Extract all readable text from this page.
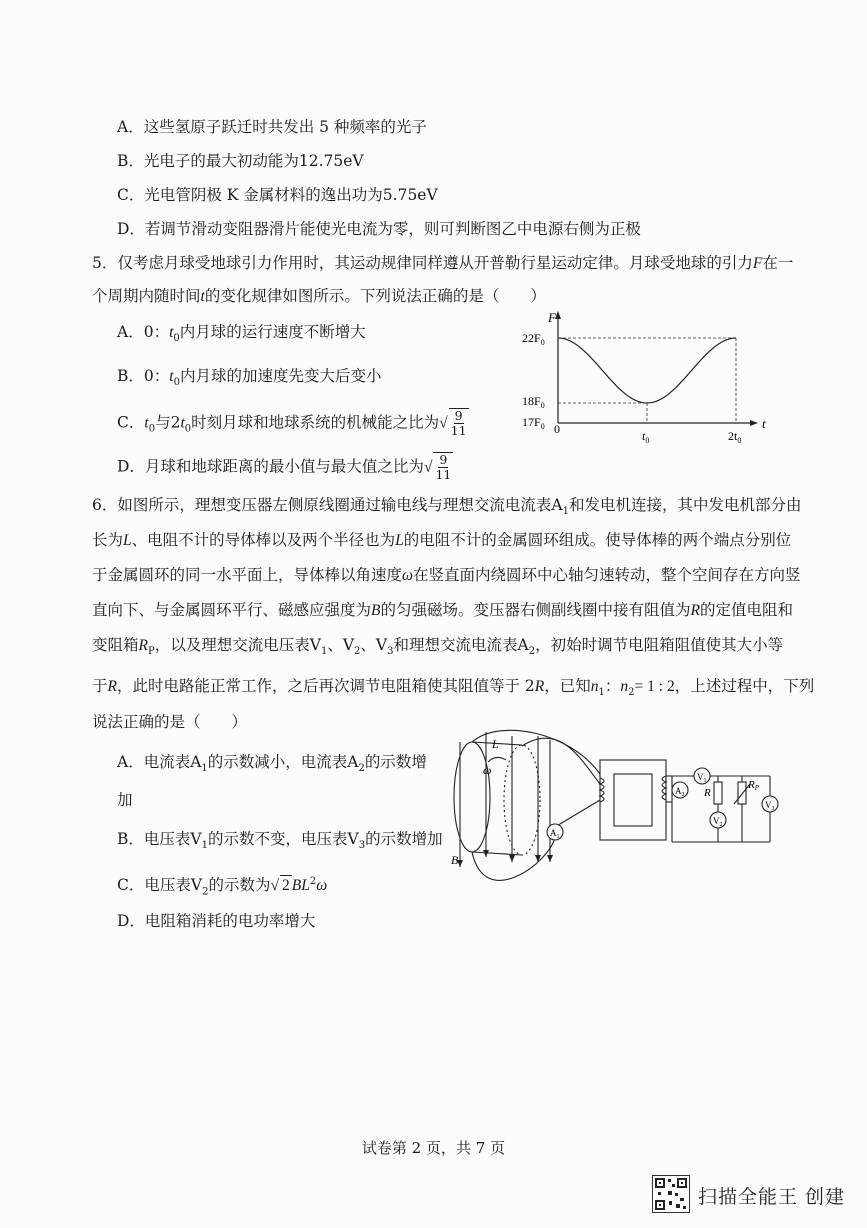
A．这些氢原子跃迁时共发出 5 种频率的光子
B．光电子的最大初动能为12.75eV
C．光电管阴极 K 金属材料的逸出功为5.75eV
D．若调节滑动变阻器滑片能使光电流为零，则可判断图乙中电源右侧为正极
5．仅考虑月球受地球引力作用时，其运动规律同样遵从开普勒行星运动定律。月球受地球的引力F在一
个周期内随时间t的变化规律如图所示。下列说法正确的是（　　）
A．0：$t_0$内月球的运行速度不断增大
B．0：$t_0$内月球的加速度先变大后变小
C．$t_0$与$2t_0$时刻月球和地球系统的机械能之比为√ $\frac{9}{11}$
D．月球和地球距离的最小值与最大值之比为√ $\frac{9}{11}$
F
t
$22F_0$
$18F_0$
$17F_0$ 0	$t_0$	$2t_0$
6．如图所示，理想变压器左侧原线圈通过输电线与理想交流电流表$A_1$和发电机连接，其中发电机部分由
长为L、电阻不计的导体棒以及两个半径也为L的电阻不计的金属圆环组成。使导体棒的两个端点分别位
于金属圆环的同一水平面上，导体棒以角速度ω在竖直面内绕圆环中心轴匀速转动，整个空间存在方向竖
直向下、与金属圆环平行、磁感应强度为B的匀强磁场。变压器右侧副线圈中接有阻值为R的定值电阻和
变阻箱$R_P$，以及理想交流电压表$V_1$、$V_2$、$V_3$和理想交流电流表$A_2$，初始时调节电阻箱阻值使其大小等
于R，此时电路能正常工作，之后再次调节电阻箱使其阻值等于 2R，已知$n_1$：$n_2= 1$ : 2，上述过程中，下列
说法正确的是（　　）
A．电流表$A_1$的示数减小，电流表$A_2$的示数增
加
B．电压表$V_1$的示数不变，电压表$V_3$的示数增加
C．电压表$V_2$的示数为√ 2 $BL^2\omega$
D．电阻箱消耗的电功率增大
L
ω
B
$A_1$
$A_2$
$V_1$
$V_2$
$V_3$
R
RP
试卷第 2 页，共 7 页
扫描全能王 创建
